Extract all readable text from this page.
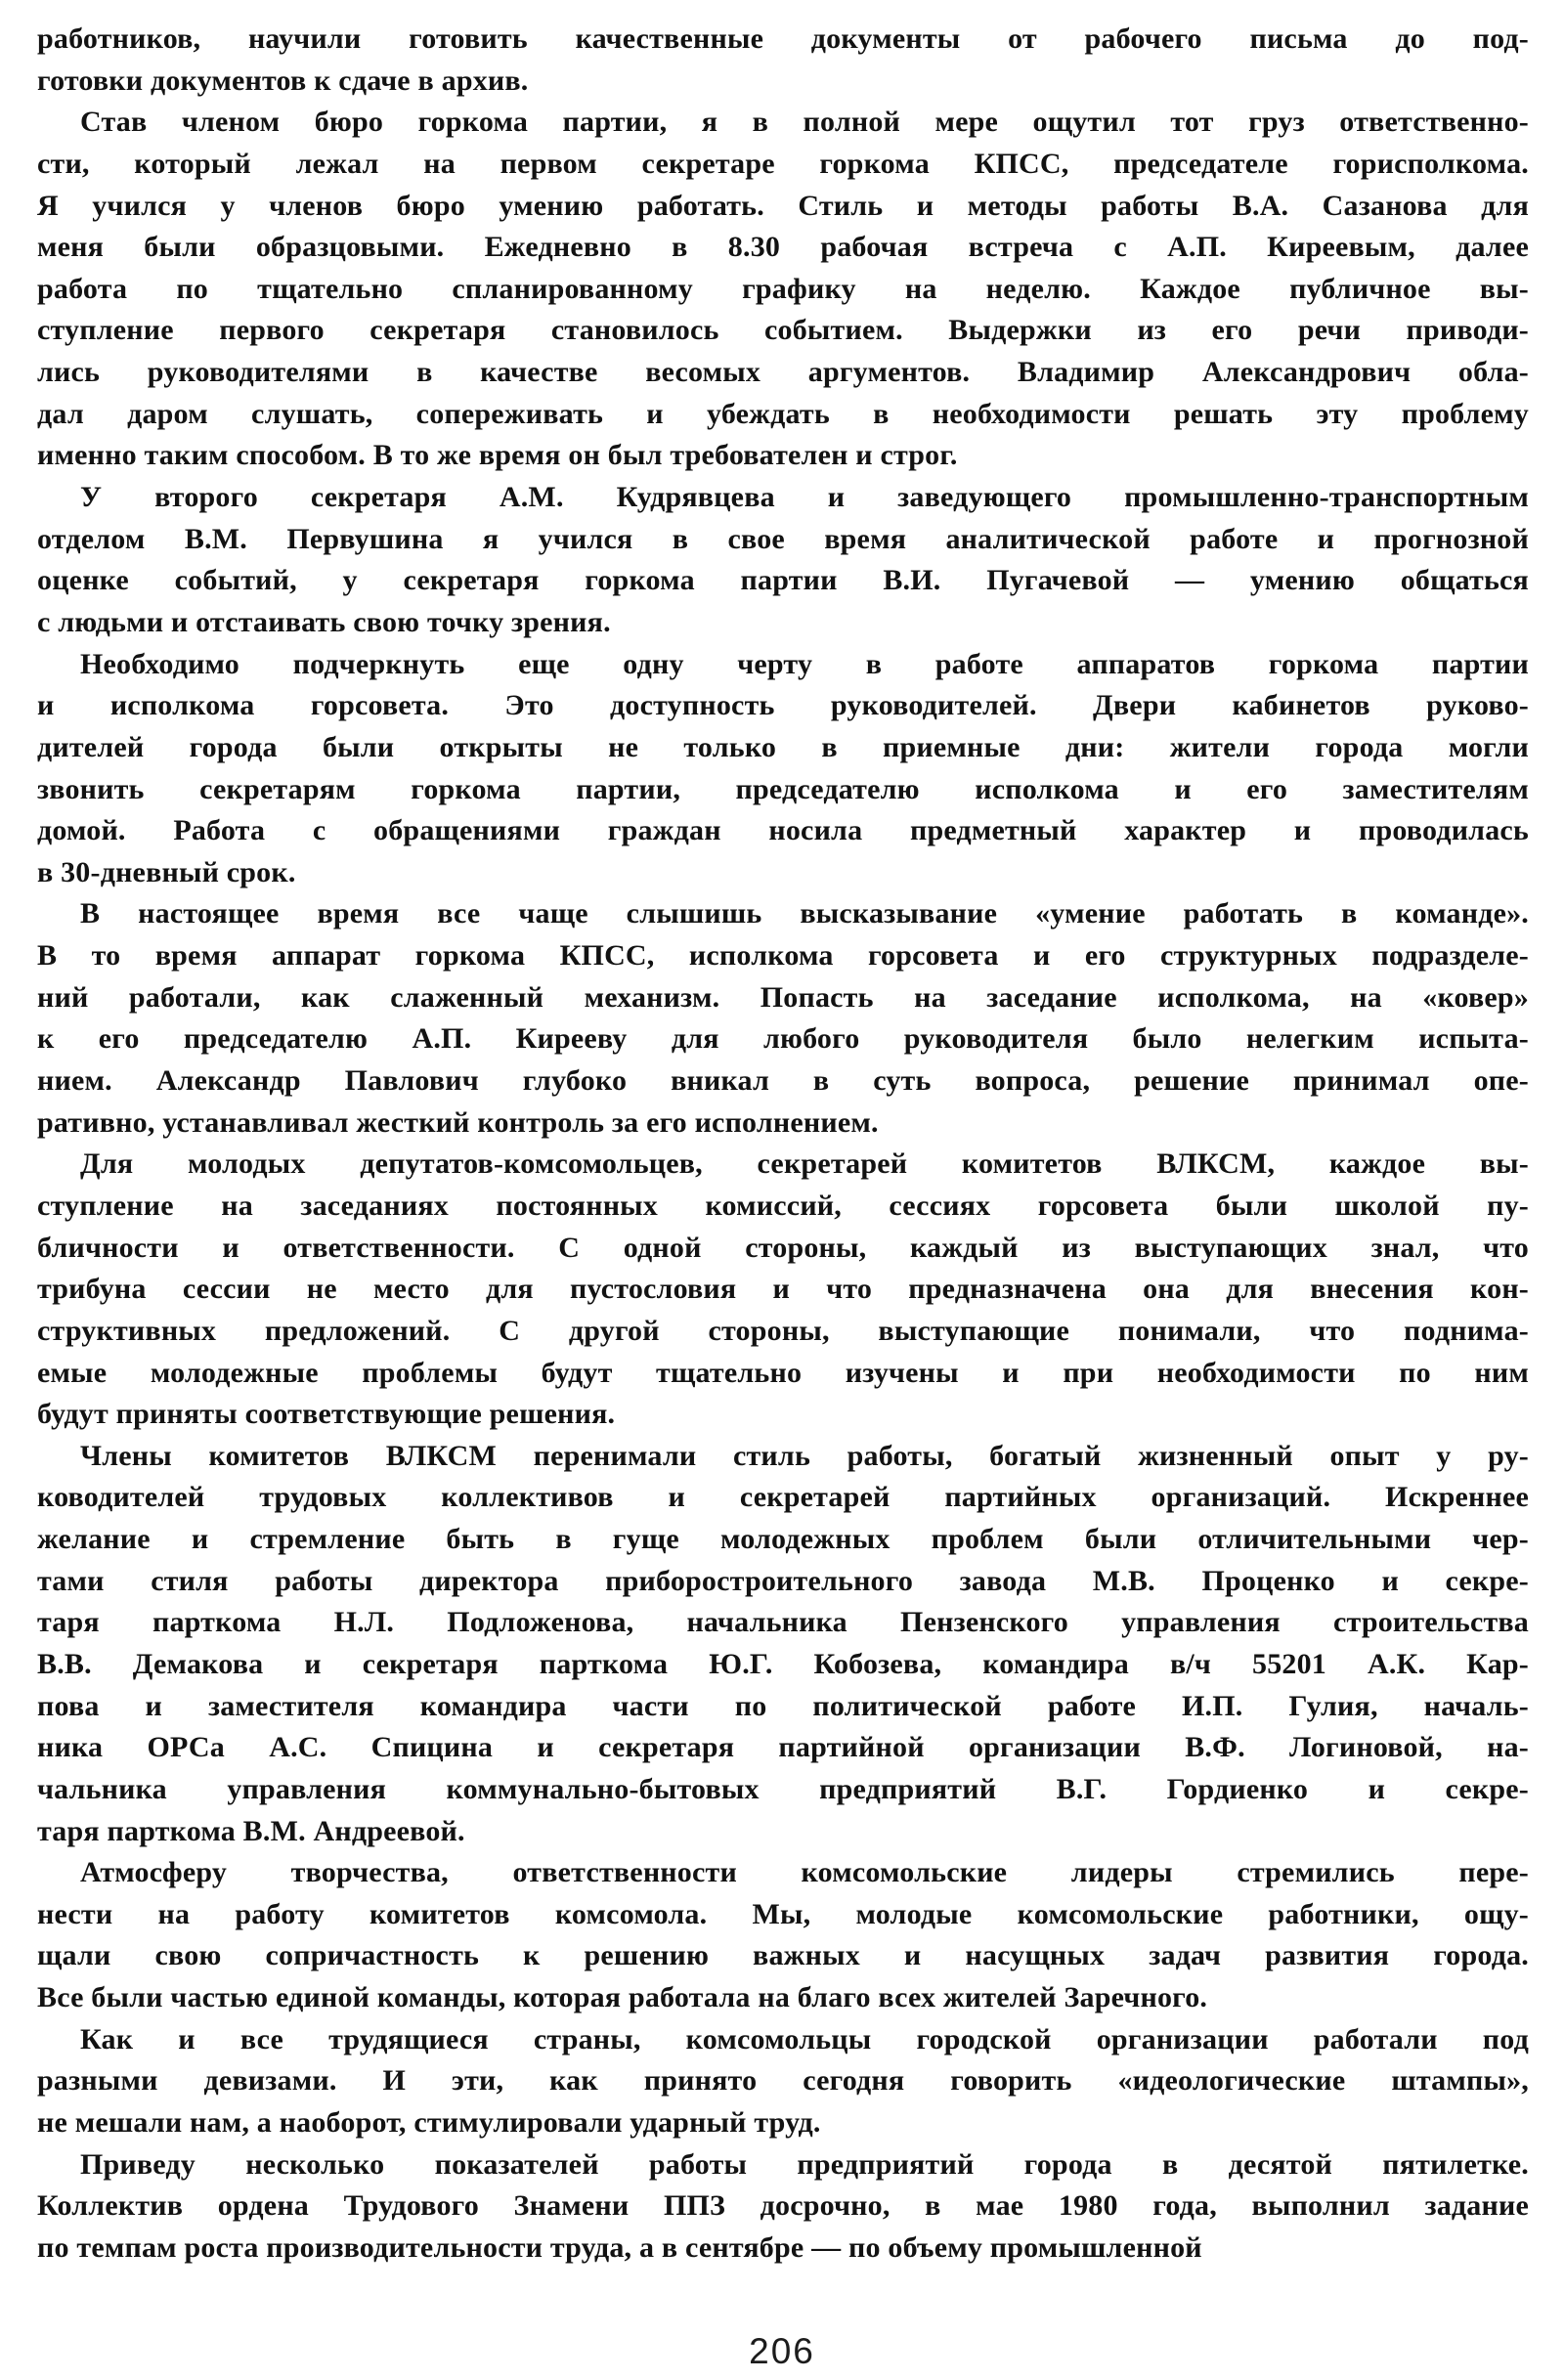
работников, научили готовить качественные документы от рабочего письма до под-
готовки документов к сдаче в архив.
Став членом бюро горкома партии, я в полной мере ощутил тот груз ответственно-
сти, который лежал на первом секретаре горкома КПСС, председателе горисполкома.
Я учился у членов бюро умению работать. Стиль и методы работы В.А. Сазанова для
меня были образцовыми. Ежедневно в 8.30 рабочая встреча с А.П. Киреевым, далее
работа по тщательно спланированному графику на неделю. Каждое публичное вы-
ступление первого секретаря становилось событием. Выдержки из его речи приводи-
лись руководителями в качестве весомых аргументов. Владимир Александрович обла-
дал даром слушать, сопереживать и убеждать в необходимости решать эту проблему
именно таким способом. В то же время он был требователен и строг.
У второго секретаря А.М. Кудрявцева и заведующего промышленно-транспортным
отделом В.М. Первушина я учился в свое время аналитической работе и прогнозной
оценке событий, у секретаря горкома партии В.И. Пугачевой — умению общаться
с людьми и отстаивать свою точку зрения.
Необходимо подчеркнуть еще одну черту в работе аппаратов горкома партии
и исполкома горсовета. Это доступность руководителей. Двери кабинетов руково-
дителей города были открыты не только в приемные дни: жители города могли
звонить секретарям горкома партии, председателю исполкома и его заместителям
домой. Работа с обращениями граждан носила предметный характер и проводилась
в 30-дневный срок.
В настоящее время все чаще слышишь высказывание «умение работать в команде».
В то время аппарат горкома КПСС, исполкома горсовета и его структурных подразделе-
ний работали, как слаженный механизм. Попасть на заседание исполкома, на «ковер»
к его председателю А.П. Кирееву для любого руководителя было нелегким испыта-
нием. Александр Павлович глубоко вникал в суть вопроса, решение принимал опе-
ративно, устанавливал жесткий контроль за его исполнением.
Для молодых депутатов-комсомольцев, секретарей комитетов ВЛКСМ, каждое вы-
ступление на заседаниях постоянных комиссий, сессиях горсовета были школой пу-
бличности и ответственности. С одной стороны, каждый из выступающих знал, что
трибуна сессии не место для пустословия и что предназначена она для внесения кон-
структивных предложений. С другой стороны, выступающие понимали, что поднима-
емые молодежные проблемы будут тщательно изучены и при необходимости по ним
будут приняты соответствующие решения.
Члены комитетов ВЛКСМ перенимали стиль работы, богатый жизненный опыт у ру-
ководителей трудовых коллективов и секретарей партийных организаций. Искреннее
желание и стремление быть в гуще молодежных проблем были отличительными чер-
тами стиля работы директора приборостроительного завода М.В. Проценко и секре-
таря парткома Н.Л. Подложенова, начальника Пензенского управления строительства
В.В. Демакова и секретаря парткома Ю.Г. Кобозева, командира в/ч 55201 А.К. Кар-
пова и заместителя командира части по политической работе И.П. Гулия, началь-
ника ОРСа А.С. Спицина и секретаря партийной организации В.Ф. Логиновой, на-
чальника управления коммунально-бытовых предприятий В.Г. Гордиенко и секре-
таря парткома В.М. Андреевой.
Атмосферу творчества, ответственности комсомольские лидеры стремились пере-
нести на работу комитетов комсомола. Мы, молодые комсомольские работники, ощу-
щали свою сопричастность к решению важных и насущных задач развития города.
Все были частью единой команды, которая работала на благо всех жителей Заречного.
Как и все трудящиеся страны, комсомольцы городской организации работали под
разными девизами. И эти, как принято сегодня говорить «идеологические штампы»,
не мешали нам, а наоборот, стимулировали ударный труд.
Приведу несколько показателей работы предприятий города в десятой пятилетке.
Коллектив ордена Трудового Знамени ППЗ досрочно, в мае 1980 года, выполнил задание
по темпам роста производительности труда, а в сентябре — по объему промышленной
206
